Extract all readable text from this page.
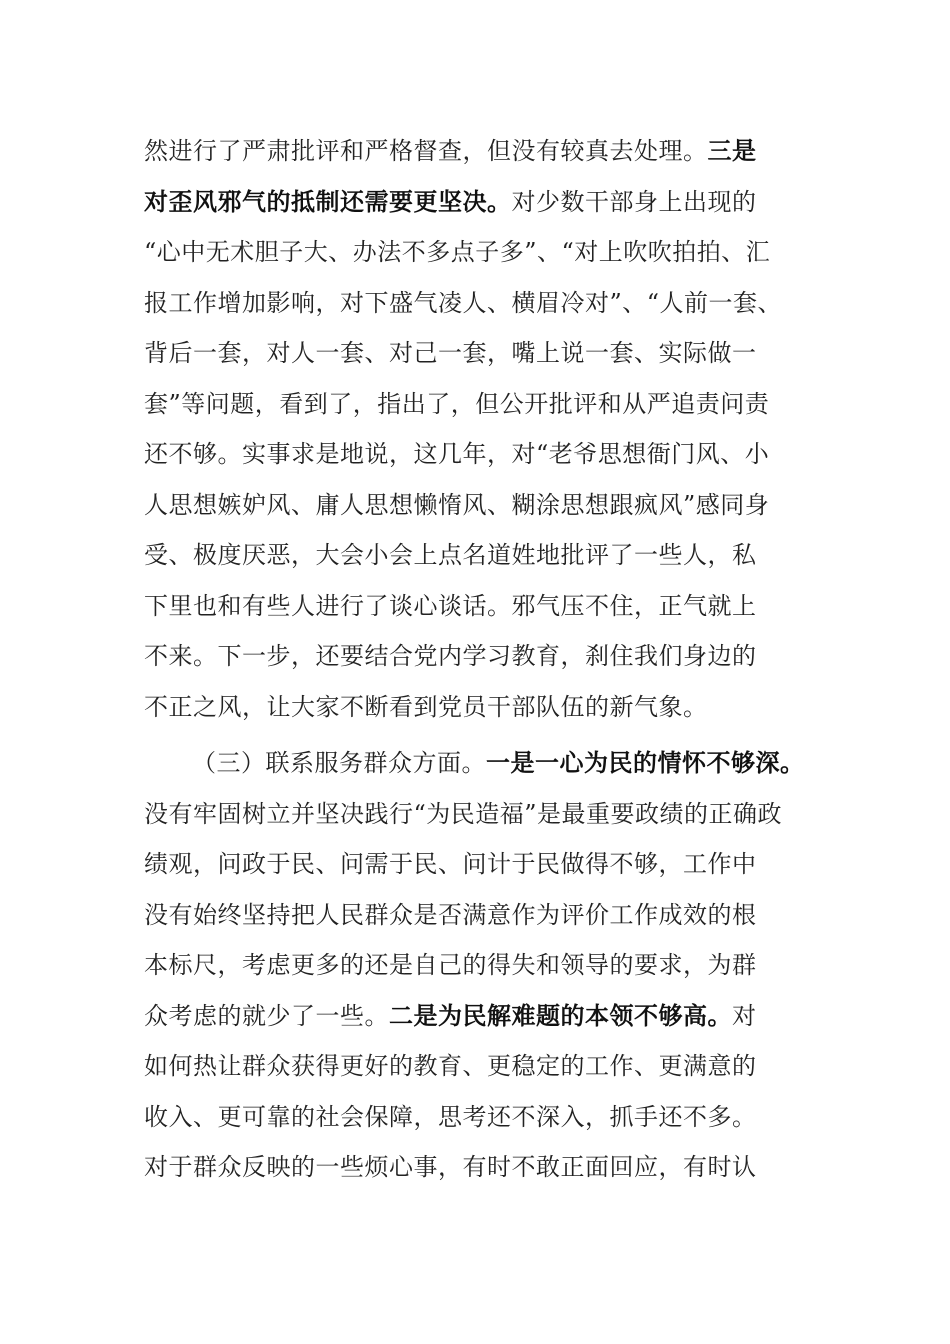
然进行了严肃批评和严格督查，但没有较真去处理。三是
对歪风邪气的抵制还需要更坚决。对少数干部身上出现的
“心中无术胆子大、办法不多点子多”、“对上吹吹拍拍、汇
报工作增加影响，对下盛气凌人、横眉冷对”、“人前一套、
背后一套，对人一套、对己一套，嘴上说一套、实际做一
套”等问题，看到了，指出了，但公开批评和从严追责问责
还不够。实事求是地说，这几年，对“老爷思想衙门风、小
人思想嫉妒风、庸人思想懒惰风、糊涂思想跟疯风”感同身
受、极度厌恶，大会小会上点名道姓地批评了一些人，私
下里也和有些人进行了谈心谈话。邪气压不住，正气就上
不来。下一步，还要结合党内学习教育，刹住我们身边的
不正之风，让大家不断看到党员干部队伍的新气象。
（三）联系服务群众方面。一是一心为民的情怀不够深。
没有牢固树立并坚决践行“为民造福”是最重要政绩的正确政
绩观，问政于民、问需于民、问计于民做得不够，工作中
没有始终坚持把人民群众是否满意作为评价工作成效的根
本标尺，考虑更多的还是自己的得失和领导的要求，为群
众考虑的就少了一些。二是为民解难题的本领不够高。对
如何热让群众获得更好的教育、更稳定的工作、更满意的
收入、更可靠的社会保障，思考还不深入，抓手还不多。
对于群众反映的一些烦心事，有时不敢正面回应，有时认
